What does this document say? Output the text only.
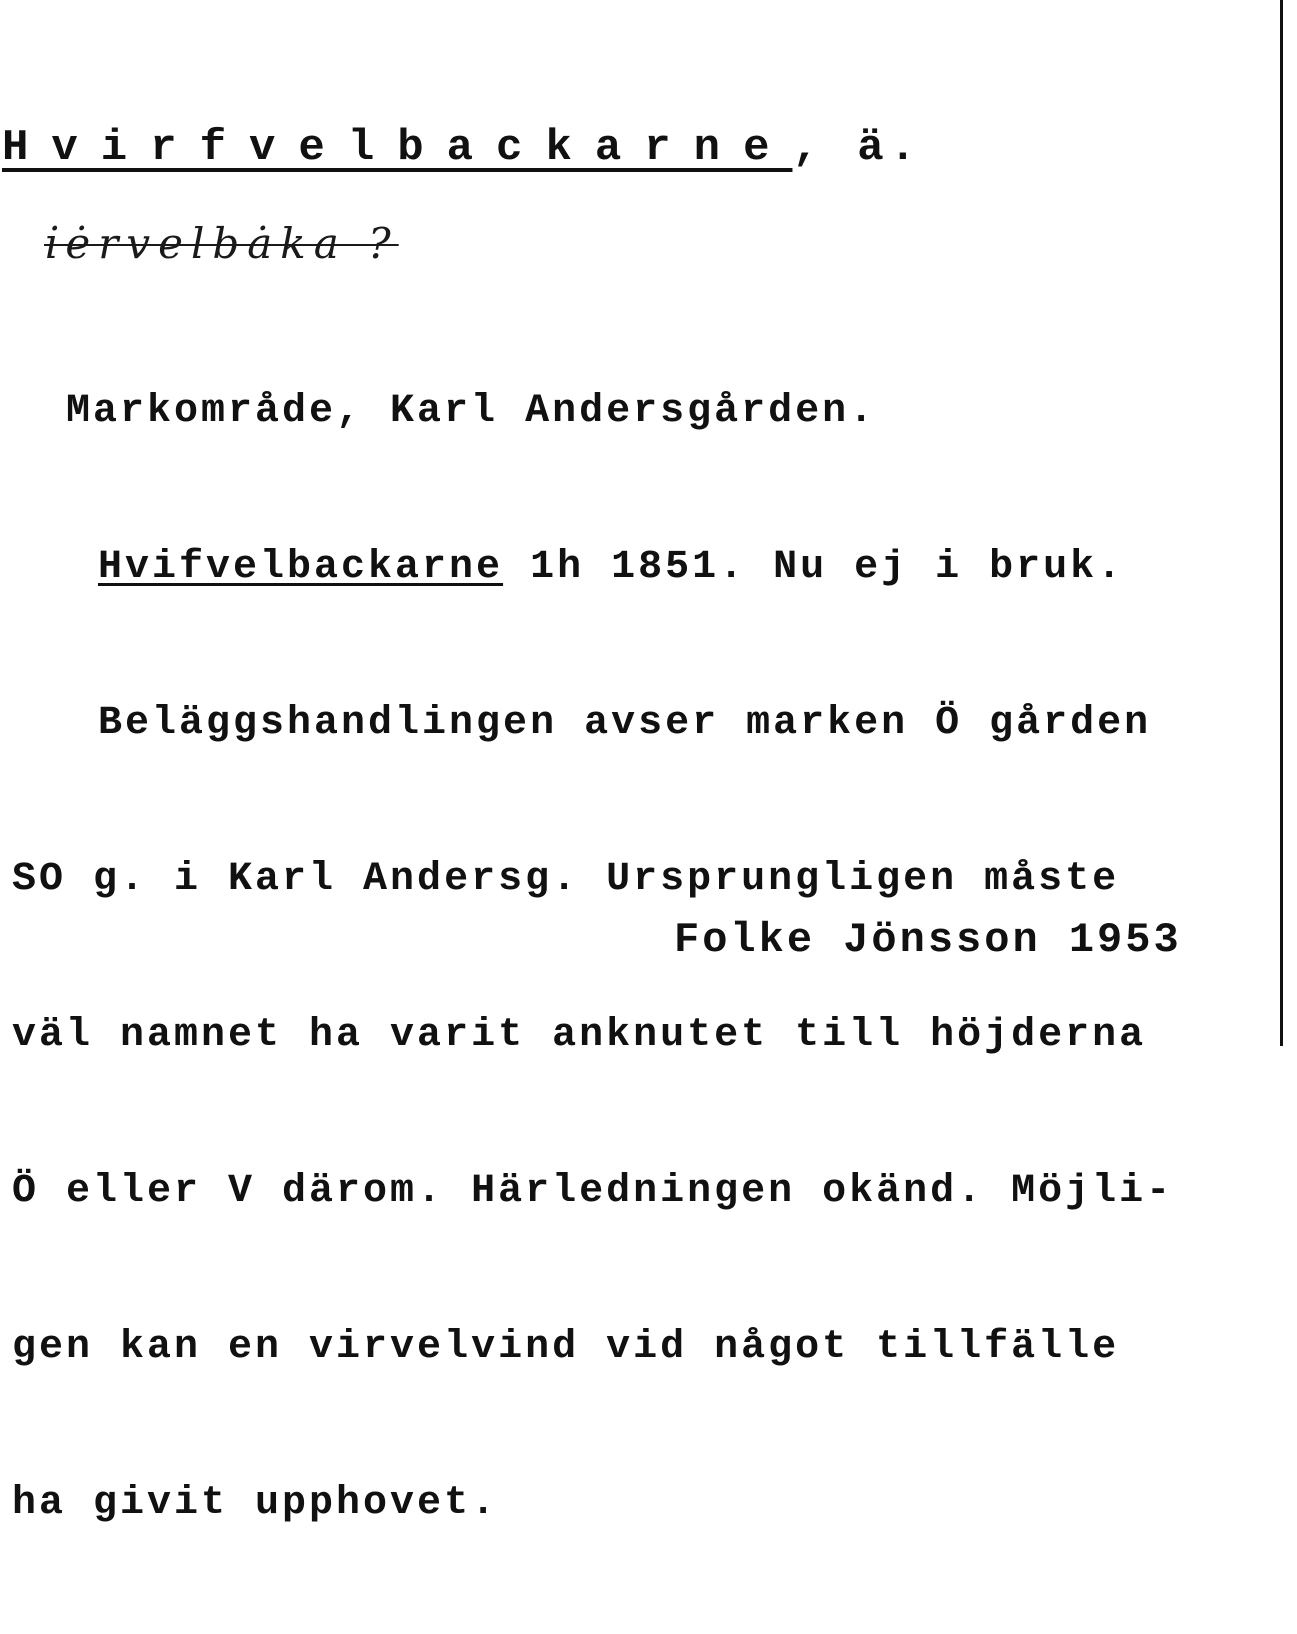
Hvirfvelbackarne, ä.
i̇ėrvelbȧka ?

Markområde, Karl Andersgården.

Hvifvelbackarne 1h 1851. Nu ej i bruk.

Beläggshandlingen avser marken Ö gården

SO g. i Karl Andersg. Ursprungligen måste

väl namnet ha varit anknutet till höjderna

Ö eller V därom. Härledningen okänd. Möjli-

gen kan en virvelvind vid något tillfälle

ha givit upphovet.

Folke Jönsson 1953
